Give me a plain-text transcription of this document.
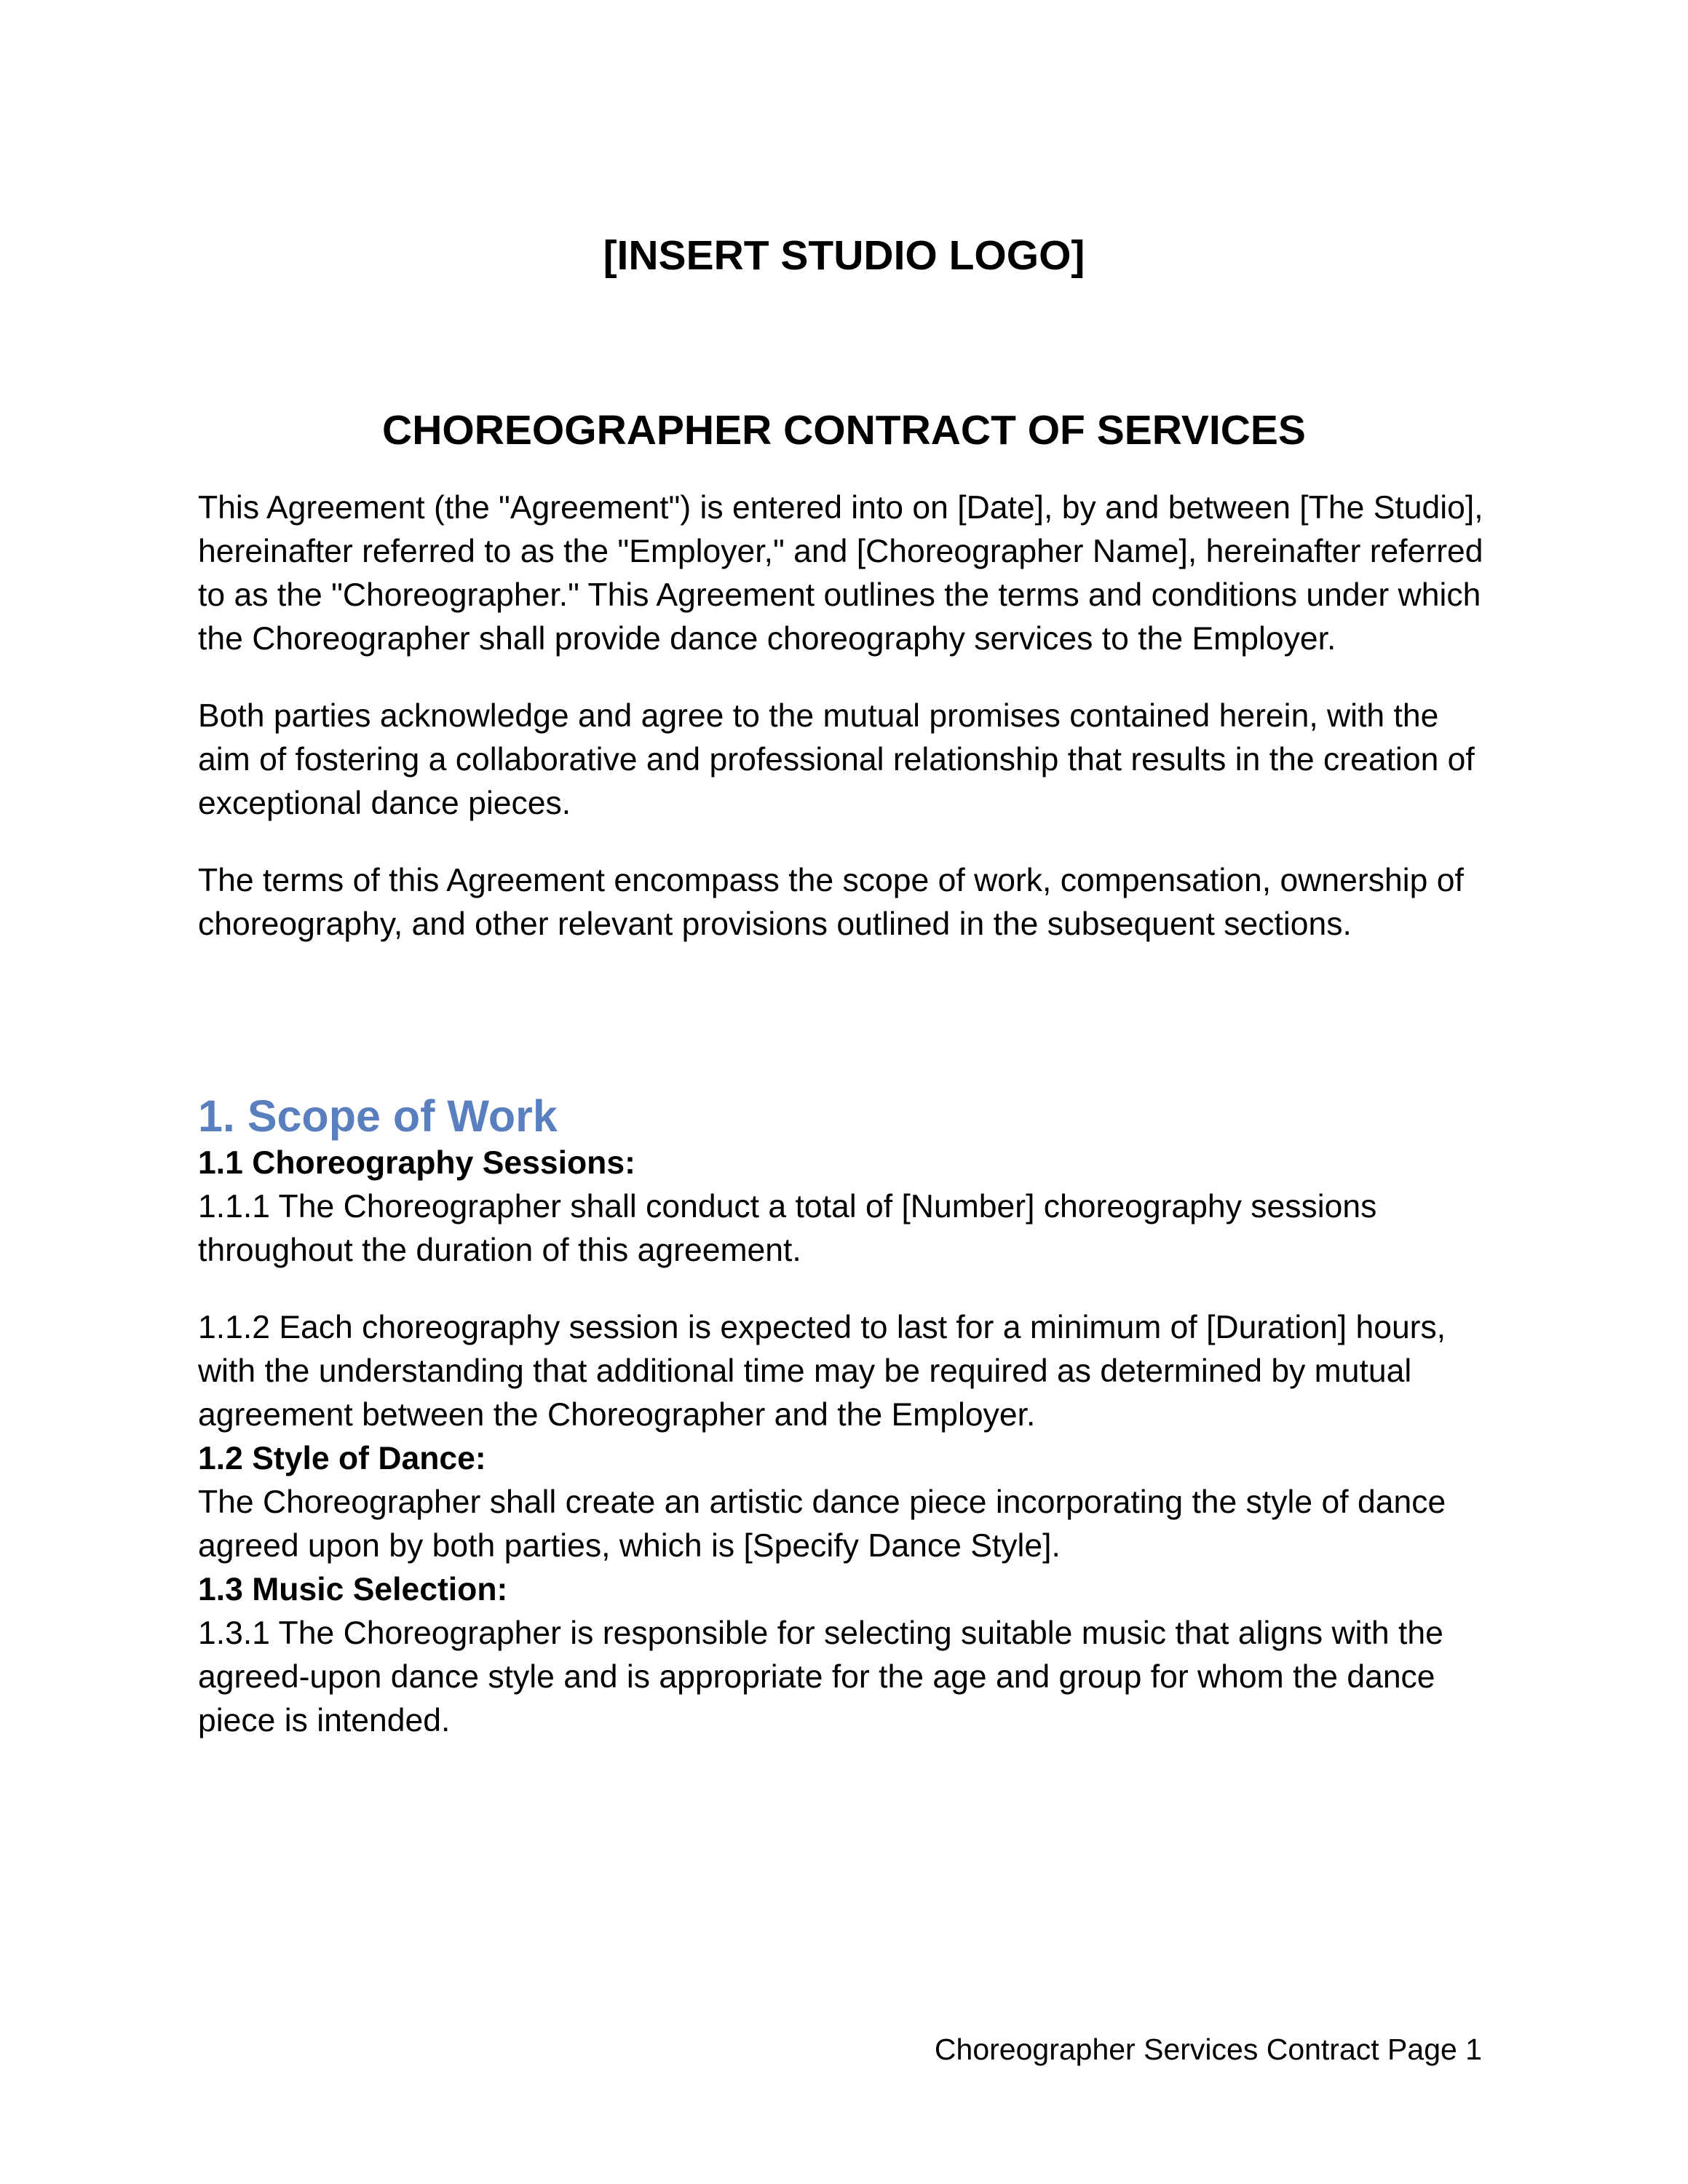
[INSERT STUDIO LOGO]

CHOREOGRAPHER CONTRACT OF SERVICES

This Agreement (the "Agreement") is entered into on [Date], by and between [The Studio], hereinafter referred to as the "Employer," and [Choreographer Name], hereinafter referred to as the "Choreographer." This Agreement outlines the terms and conditions under which the Choreographer shall provide dance choreography services to the Employer.

Both parties acknowledge and agree to the mutual promises contained herein, with the aim of fostering a collaborative and professional relationship that results in the creation of exceptional dance pieces.

The terms of this Agreement encompass the scope of work, compensation, ownership of choreography, and other relevant provisions outlined in the subsequent sections.

1. Scope of Work

1.1 Choreography Sessions:

1.1.1 The Choreographer shall conduct a total of [Number] choreography sessions throughout the duration of this agreement.

1.1.2 Each choreography session is expected to last for a minimum of [Duration] hours, with the understanding that additional time may be required as determined by mutual agreement between the Choreographer and the Employer.

1.2 Style of Dance:

The Choreographer shall create an artistic dance piece incorporating the style of dance agreed upon by both parties, which is [Specify Dance Style].

1.3 Music Selection:

1.3.1 The Choreographer is responsible for selecting suitable music that aligns with the agreed-upon dance style and is appropriate for the age and group for whom the dance piece is intended.

Choreographer Services Contract Page 1
